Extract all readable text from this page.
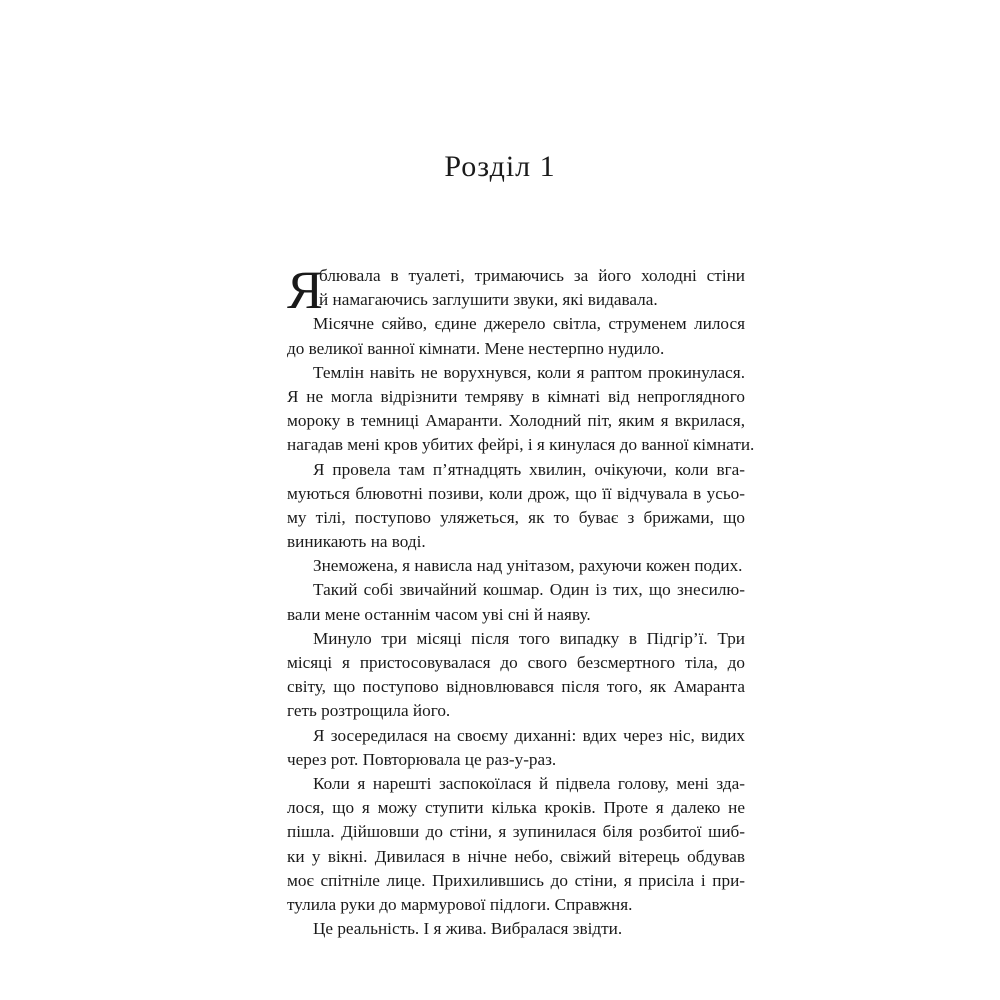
Розділ 1
Я
блювала в туалеті, тримаючись за його холодні стіни
й намагаючись заглушити звуки, які видавала.
Місячне сяйво, єдине джерело світла, струменем лилося
до великої ванної кімнати. Мене нестерпно нудило.
Темлін навіть не ворухнувся, коли я раптом прокинулася.
Я не могла відрізнити темряву в кімнаті від непроглядного
мороку в темниці Амаранти. Холодний піт, яким я вкрилася,
нагадав мені кров убитих фейрі, і я кинулася до ванної кімнати.
Я провела там п’ятнадцять хвилин, очікуючи, коли вга-
муються блювотні позиви, коли дрож, що її відчувала в усьо-
му тілі, поступово уляжеться, як то буває з брижами, що
виникають на воді.
Знеможена, я нависла над унітазом, рахуючи кожен подих.
Такий собі звичайний кошмар. Один із тих, що знесилю-
вали мене останнім часом уві сні й наяву.
Минуло три місяці після того випадку в Підгір’ї. Три
місяці я пристосовувалася до свого безсмертного тіла, до
світу, що поступово відновлювався після того, як Амаранта
геть розтрощила його.
Я зосередилася на своєму диханні: вдих через ніс, видих
через рот. Повторювала це раз-у-раз.
Коли я нарешті заспокоїлася й підвела голову, мені зда-
лося, що я можу ступити кілька кроків. Проте я далеко не
пішла. Дійшовши до стіни, я зупинилася біля розбитої шиб-
ки у вікні. Дивилася в нічне небо, свіжий вітерець обдував
моє спітніле лице. Прихилившись до стіни, я присіла і при-
тулила руки до мармурової підлоги. Справжня.
Це реальність. І я жива. Вибралася звідти.
